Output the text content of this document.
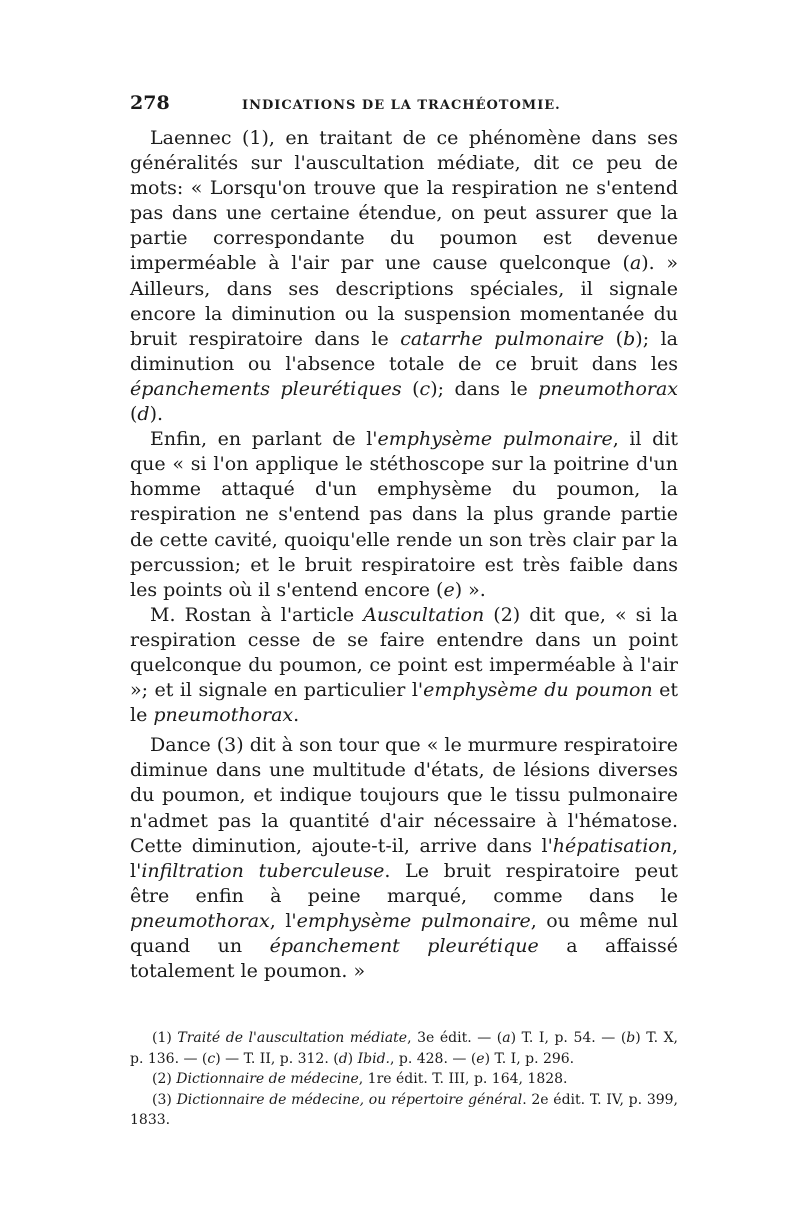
278	INDICATIONS DE LA TRACHÉOTOMIE.

Laennec (1), en traitant de ce phénomène dans ses généralités sur l'auscultation médiate, dit ce peu de mots: « Lorsqu'on trouve que la respiration ne s'entend pas dans une certaine étendue, on peut assurer que la partie correspondante du poumon est devenue imperméable à l'air par une cause quelconque (a). » Ailleurs, dans ses descriptions spéciales, il signale encore la diminution ou la suspension momentanée du bruit respiratoire dans le catarrhe pulmonaire (b); la diminution ou l'absence totale de ce bruit dans les épanchements pleurétiques (c); dans le pneumothorax (d).

Enfin, en parlant de l'emphysème pulmonaire, il dit que « si l'on applique le stéthoscope sur la poitrine d'un homme attaqué d'un emphysème du poumon, la respiration ne s'entend pas dans la plus grande partie de cette cavité, quoiqu'elle rende un son très clair par la percussion; et le bruit respiratoire est très faible dans les points où il s'entend encore (e) ».

M. Rostan à l'article Auscultation (2) dit que, « si la respiration cesse de se faire entendre dans un point quelconque du poumon, ce point est imperméable à l'air »; et il signale en particulier l'emphysème du poumon et le pneumothorax.

Dance (3) dit à son tour que « le murmure respiratoire diminue dans une multitude d'états, de lésions diverses du poumon, et indique toujours que le tissu pulmonaire n'admet pas la quantité d'air nécessaire à l'hématose. Cette diminution, ajoute-t-il, arrive dans l'hépatisation, l'infiltration tuberculeuse. Le bruit respiratoire peut être enfin à peine marqué, comme dans le pneumothorax, l'emphysème pulmonaire, ou même nul quand un épanchement pleurétique a affaissé totalement le poumon. »

(1) Traité de l'auscultation médiate, 3e édit. — (a) T. I, p. 54. — (b) T. X, p. 136. — (c) — T. II, p. 312. (d) Ibid., p. 428. — (e) T. I, p. 296.

(2) Dictionnaire de médecine, 1re édit. T. III, p. 164, 1828.

(3) Dictionnaire de médecine, ou répertoire général. 2e édit. T. IV, p. 399, 1833.
